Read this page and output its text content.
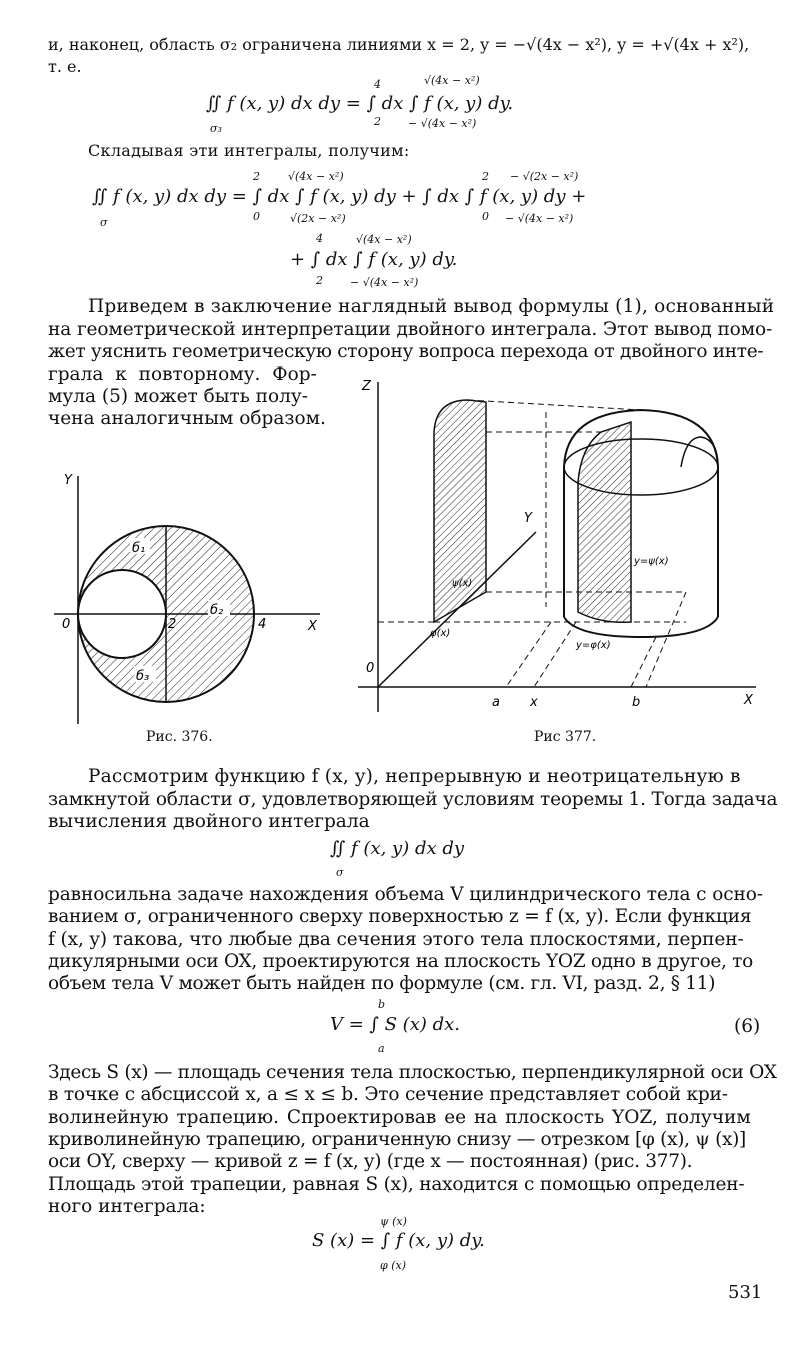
и, наконец, область σ₂ ограничена линиями x = 2, y = −√(4x − x²), y = +√(4x + x²),
т. е.
√(4x − x²)
4
∬ f (x, y) dx dy = ∫ dx ∫ f (x, y) dy.
σ₃
2 − √(4x − x²)
Складывая эти интегралы, получим:
2	√(4x − x²)	2 − √(2x − x²)
∬ f (x, y) dx dy = ∫ dx ∫ f (x, y) dy + ∫ dx ∫ f (x, y) dy +
σ	0	√(2x − x²)	0 − √(4x − x²)
4	√(4x − x²)
+ ∫ dx ∫ f (x, y) dy.
2 − √(4x − x²)
Приведем в заключение наглядный вывод формулы (1), основанный
на геометрической интерпретации двойного интеграла. Этот вывод помо-
жет уяснить геометрическую сторону вопроса перехода от двойного инте-
грала к повторному. Фор-
мула (5) может быть полу-
чена аналогичным образом.
Y
X
0	2	4
б₁
б₂
б₃
Рис. 376.
Z
Y
X
0
a x	b
ψ(x)
φ(x)
y=ψ(x)
y=φ(x)
Рис 377.
Рассмотрим функцию f (x, y), непрерывную и неотрицательную в
замкнутой области σ, удовлетворяющей условиям теоремы 1. Тогда задача
вычисления двойного интеграла
∬ f (x, y) dx dy
σ
равносильна задаче нахождения объема V цилиндрического тела с осно-
ванием σ, ограниченного сверху поверхностью z = f (x, y). Если функция
f (x, y) такова, что любые два сечения этого тела плоскостями, перпен-
дикулярными оси OX, проектируются на плоскость YOZ одно в другое, то
объем тела V может быть найден по формуле (см. гл. VI, разд. 2, § 11)
b
V = ∫ S (x) dx.
a
(6)
Здесь S (x) — площадь сечения тела плоскостью, перпендикулярной оси OX
в точке с абсциссой x, a ≤ x ≤ b. Это сечение представляет собой кри-
волинейную трапецию. Спроектировав ее на плоскость YOZ, получим
криволинейную трапецию, ограниченную снизу — отрезком [φ (x), ψ (x)]
оси OY, сверху — кривой z = f (x, y) (где x — постоянная) (рис. 377).
Площадь этой трапеции, равная S (x), находится с помощью определен-
ного интеграла:
ψ (x)
S (x) = ∫ f (x, y) dy.
φ (x)
531
